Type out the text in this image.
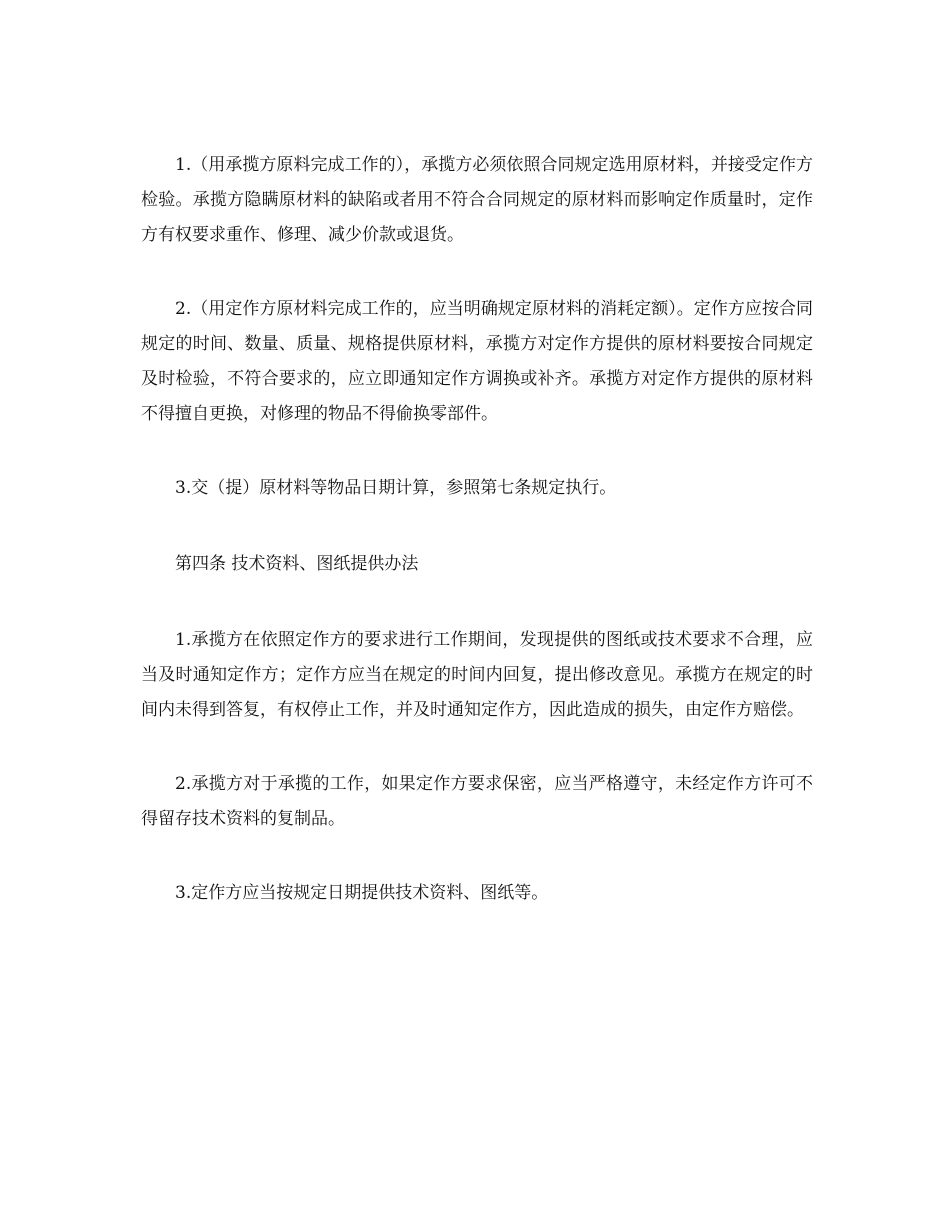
1.（用承揽方原料完成工作的），承揽方必须依照合同规定选用原材料，并接受定作方检验。承揽方隐瞒原材料的缺陷或者用不符合合同规定的原材料而影响定作质量时，定作方有权要求重作、修理、减少价款或退货。

2.（用定作方原材料完成工作的，应当明确规定原材料的消耗定额）。定作方应按合同规定的时间、数量、质量、规格提供原材料，承揽方对定作方提供的原材料要按合同规定及时检验，不符合要求的，应立即通知定作方调换或补齐。承揽方对定作方提供的原材料不得擅自更换，对修理的物品不得偷换零部件。

3.交（提）原材料等物品日期计算，参照第七条规定执行。

第四条 技术资料、图纸提供办法

1.承揽方在依照定作方的要求进行工作期间，发现提供的图纸或技术要求不合理，应当及时通知定作方；定作方应当在规定的时间内回复，提出修改意见。承揽方在规定的时间内未得到答复，有权停止工作，并及时通知定作方，因此造成的损失，由定作方赔偿。

2.承揽方对于承揽的工作，如果定作方要求保密，应当严格遵守，未经定作方许可不得留存技术资料的复制品。

3.定作方应当按规定日期提供技术资料、图纸等。
